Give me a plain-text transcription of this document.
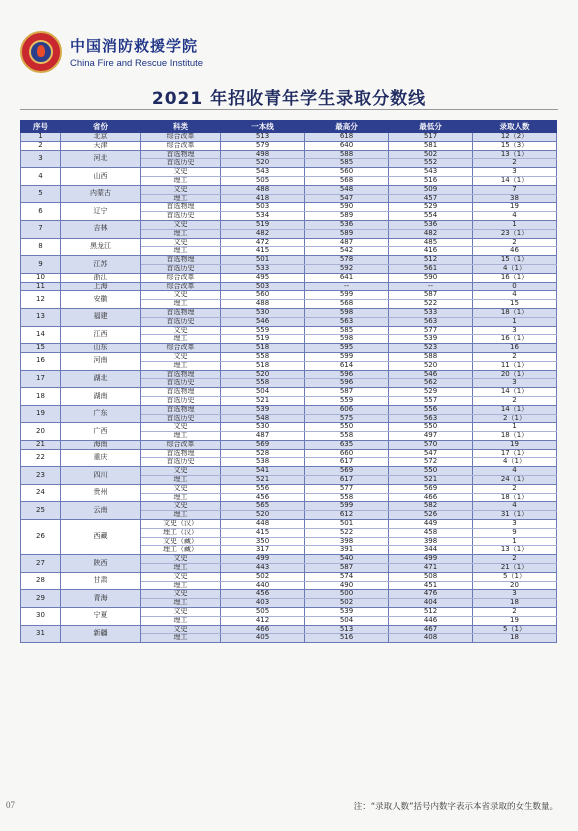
中国消防救援学院
China Fire and Rescue Institute
2021 年招收青年学生录取分数线
序号	省份	科类	一本线	最高分	最低分	录取人数
1	北京	综合改革	513	618	517	12（2）
2	天津	综合改革	579	640	581	15（3）
3	河北	首选物理	498	588	502	13（1）
		首选历史	520	585	552	2
4	山西	文史	543	560	543	3
		理工	505	568	516	14（1）
5	内蒙古	文史	488	548	509	7
		理工	418	547	457	38
6	辽宁	首选物理	503	590	529	19
		首选历史	534	589	554	4
7	吉林	文史	519	536	536	1
		理工	482	589	482	23（1）
8	黑龙江	文史	472	487	485	2
		理工	415	542	416	46
9	江苏	首选物理	501	578	512	15（1）
		首选历史	533	592	561	4（1）
10	浙江	综合改革	495	641	590	16（1）
11	上海	综合改革	503	--	--	0
12	安徽	文史	560	599	587	4
		理工	488	568	522	15
13	福建	首选物理	530	598	533	18（1）
		首选历史	546	563	563	1
14	江西	文史	559	585	577	3
		理工	519	598	539	16（1）
15	山东	综合改革	518	595	523	16
16	河南	文史	558	599	588	2
		理工	518	614	520	11（1）
17	湖北	首选物理	520	596	546	20（1）
		首选历史	558	596	562	3
18	湖南	首选物理	504	587	529	14（1）
		首选历史	521	559	557	2
19	广东	首选物理	539	606	556	14（1）
		首选历史	548	575	563	2（1）
20	广西	文史	530	550	550	1
		理工	487	558	497	18（1）
21	海南	综合改革	569	635	570	19
22	重庆	首选物理	528	660	547	17（1）
		首选历史	538	617	572	4（1）
23	四川	文史	541	569	550	4
		理工	521	617	521	24（1）
24	贵州	文史	556	577	569	2
		理工	456	558	466	18（1）
25	云南	文史	565	599	582	4
		理工	520	612	526	31（1）
26	西藏	文史（汉）	448	501	449	3
		理工（汉）	415	522	458	9
		文史（藏）	350	398	398	1
		理工（藏）	317	391	344	13（1）
27	陕西	文史	499	540	499	2
		理工	443	587	471	21（1）
28	甘肃	文史	502	574	508	5（1）
		理工	440	490	451	20
29	青海	文史	456	500	476	3
		理工	403	502	404	18
30	宁夏	文史	505	539	512	2
		理工	412	504	446	19
31	新疆	文史	466	513	467	5（1）
		理工	405	516	408	18
07	注：“录取人数”括号内数字表示本省录取的女生数量。
